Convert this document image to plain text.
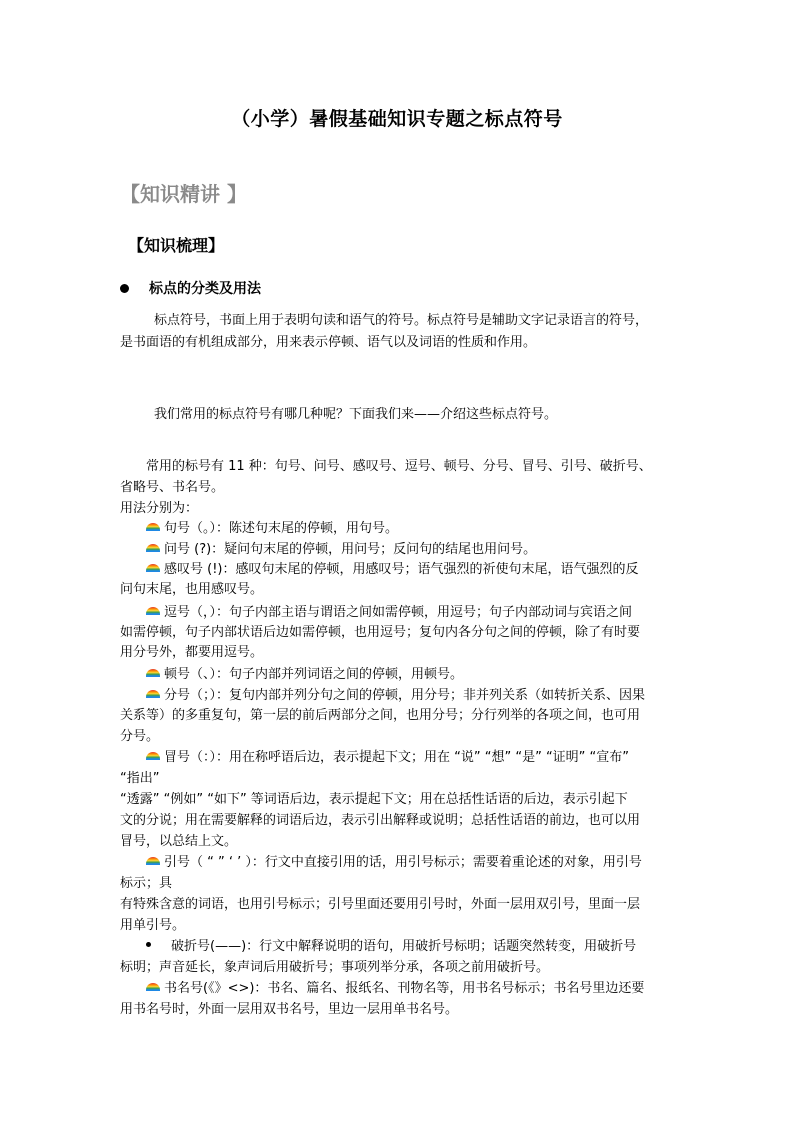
（小学）暑假基础知识专题之标点符号
【知识精讲 】
【知识梳理】
标点的分类及用法
标点符号，书面上用于表明句读和语气的符号。标点符号是辅助文字记录语言的符号，
是书面语的有机组成部分，用来表示停顿、语气以及词语的性质和作用。
我们常用的标点符号有哪几种呢？下面我们来——介绍这些标点符号。
常用的标号有 11 种：句号、问号、感叹号、逗号、顿号、分号、冒号、引号、破折号、
省略号、书名号。
用法分别为：
句号（。）：陈述句末尾的停顿，用句号。
问号 (?)：疑问句末尾的停顿，用问号；反问句的结尾也用问号。
感叹号 (!)：感叹句末尾的停顿，用感叹号；语气强烈的祈使句末尾，语气强烈的反
问句末尾，也用感叹号。
逗号（，）：句子内部主语与谓语之间如需停顿，用逗号；句子内部动词与宾语之间
如需停顿，句子内部状语后边如需停顿，也用逗号；复句内各分句之间的停顿，除了有时要
用分号外，都要用逗号。
顿号（、）：句子内部并列词语之间的停顿，用顿号。
分号（；）：复句内部并列分句之间的停顿，用分号；非并列关系（如转折关系、因果
关系等）的多重复句，第一层的前后两部分之间，也用分号；分行列举的各项之间，也可用
分号。
冒号（：）：用在称呼语后边，表示提起下文；用在 “说” “想” “是” “证明” “宣布”
“指出”
“透露” “例如” “如下” 等词语后边，表示提起下文；用在总括性话语的后边，表示引起下
文的分说；用在需要解释的词语后边，表示引出解释或说明；总括性话语的前边，也可以用
冒号，以总结上文。
引号（ “ ” ‘ ’ ）：行文中直接引用的话，用引号标示；需要着重论述的对象，用引号
标示；具
有特殊含意的词语，也用引号标示；引号里面还要用引号时，外面一层用双引号，里面一层
用单引号。
破折号(——)：行文中解释说明的语句，用破折号标明；话题突然转变，用破折号
标明；声音延长，象声词后用破折号；事项列举分承，各项之前用破折号。
书名号(《》<>)：书名、篇名、报纸名、刊物名等，用书名号标示；书名号里边还要
用书名号时，外面一层用双书名号，里边一层用单书名号。
